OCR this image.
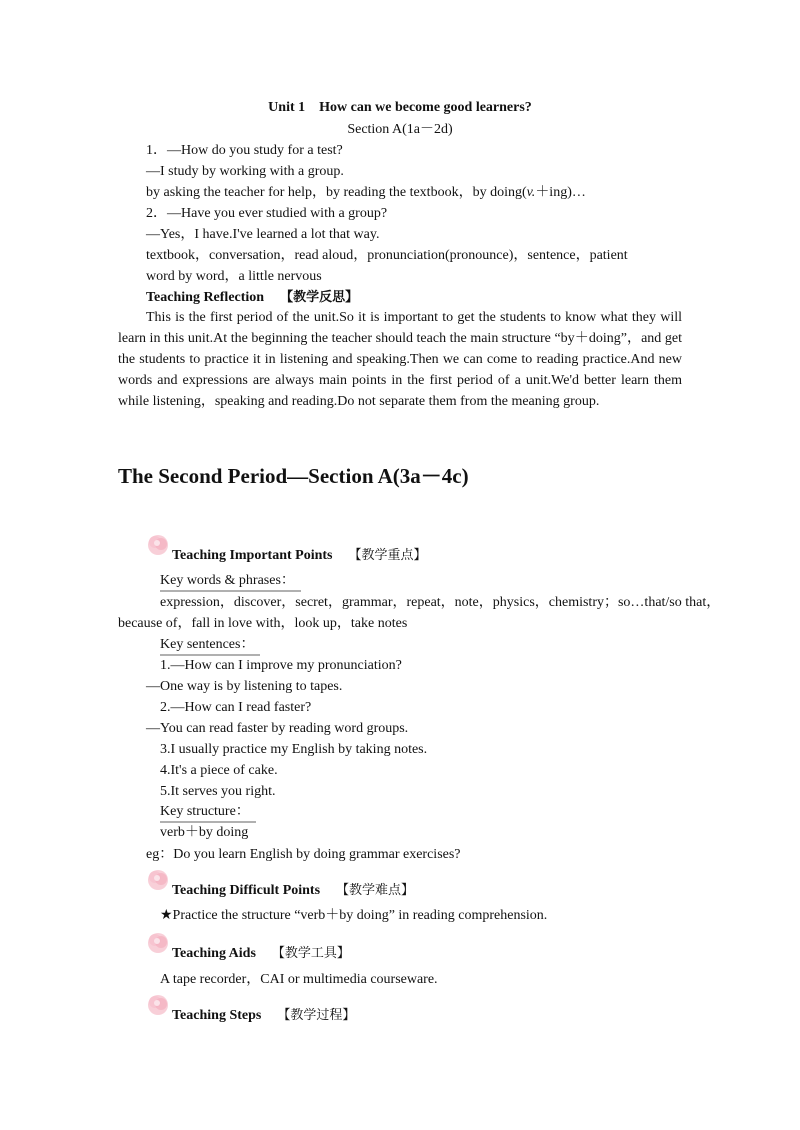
Unit 1　How can we become good learners?
Section A(1a－2d)
1．—How do you study for a test?
—I study by working with a group.
by asking the teacher for help，by reading the textbook，by doing(v.＋ing)…
2．—Have you ever studied with a group?
—Yes，I have.I've learned a lot that way.
textbook，conversation，read aloud，pronunciation(pronounce)，sentence，patient
word by word，a little nervous
Teaching Reflection 【教学反思】
This is the first period of the unit.So it is important to get the students to know what they will learn in this unit.At the beginning the teacher should teach the main structure “by＋doing”，and get the students to practice it in listening and speaking.Then we can come to reading practice.And new words and expressions are always main points in the first period of a unit.We'd better learn them while listening，speaking and reading.Do not separate them from the meaning group.
The Second Period—Section A(3a－4c)
Teaching Important Points 【教学重点】
Key words & phrases：
expression，discover，secret，grammar，repeat，note，physics，chemistry；so…that/so that，
because of，fall in love with，look up，take notes
Key sentences：
1.—How can I improve my pronunciation?
—One way is by listening to tapes.
2.—How can I read faster?
—You can read faster by reading word groups.
3.I usually practice my English by taking notes.
4.It's a piece of cake.
5.It serves you right.
Key structure：
verb＋by doing
eg：Do you learn English by doing grammar exercises?
Teaching Difficult Points 【教学难点】
★Practice the structure “verb＋by doing” in reading comprehension.
Teaching Aids 【教学工具】
A tape recorder，CAI or multimedia courseware.
Teaching Steps 【教学过程】
